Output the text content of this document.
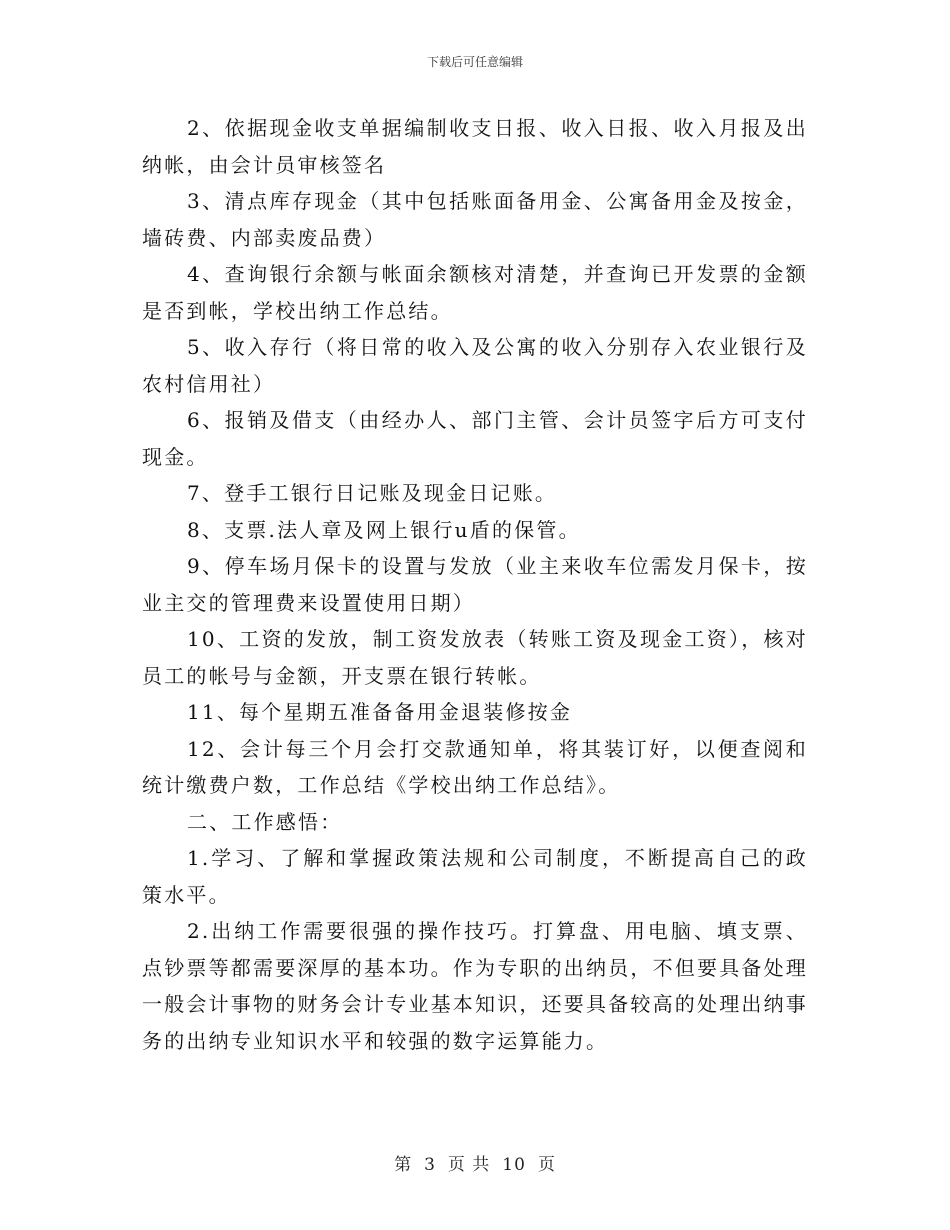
下载后可任意编辑

2、依据现金收支单据编制收支日报、收入日报、收入月报及出纳帐，由会计员审核签名

3、清点库存现金（其中包括账面备用金、公寓备用金及按金，墙砖费、内部卖废品费）

4、查询银行余额与帐面余额核对清楚，并查询已开发票的金额是否到帐，学校出纳工作总结。

5、收入存行（将日常的收入及公寓的收入分别存入农业银行及农村信用社）

6、报销及借支（由经办人、部门主管、会计员签字后方可支付现金。

7、登手工银行日记账及现金日记账。

8、支票.法人章及网上银行u盾的保管。

9、停车场月保卡的设置与发放（业主来收车位需发月保卡，按业主交的管理费来设置使用日期）

10、工资的发放，制工资发放表（转账工资及现金工资），核对员工的帐号与金额，开支票在银行转帐。

11、每个星期五准备备用金退装修按金

12、会计每三个月会打交款通知单，将其装订好，以便查阅和统计缴费户数，工作总结《学校出纳工作总结》。

二、工作感悟：

1.学习、了解和掌握政策法规和公司制度，不断提高自己的政策水平。

2.出纳工作需要很强的操作技巧。打算盘、用电脑、填支票、点钞票等都需要深厚的基本功。作为专职的出纳员，不但要具备处理一般会计事物的财务会计专业基本知识，还要具备较高的处理出纳事务的出纳专业知识水平和较强的数字运算能力。

第 3 页 共 10 页
